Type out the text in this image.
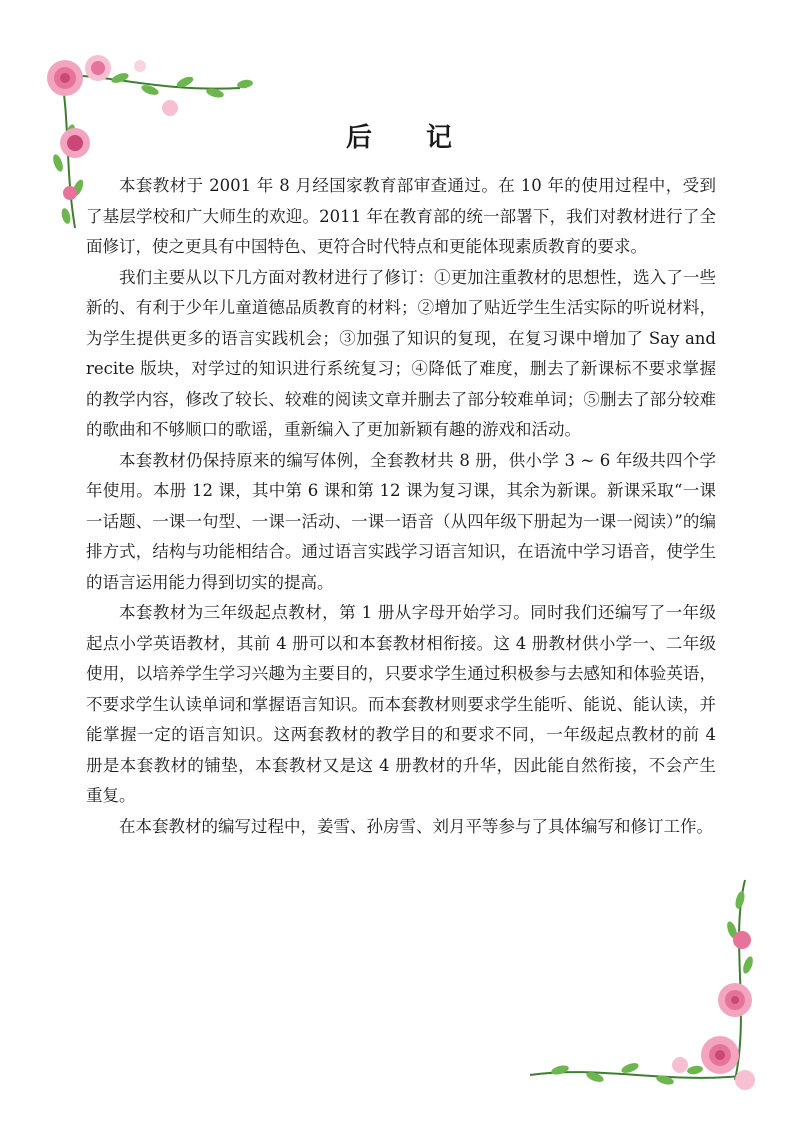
后 记

本套教材于 2001 年 8 月经国家教育部审查通过。在 10 年的使用过程中，受到了基层学校和广大师生的欢迎。2011 年在教育部的统一部署下，我们对教材进行了全面修订，使之更具有中国特色、更符合时代特点和更能体现素质教育的要求。

我们主要从以下几方面对教材进行了修订：①更加注重教材的思想性，选入了一些新的、有利于少年儿童道德品质教育的材料；②增加了贴近学生生活实际的听说材料，为学生提供更多的语言实践机会；③加强了知识的复现，在复习课中增加了 Say and recite 版块，对学过的知识进行系统复习；④降低了难度，删去了新课标不要求掌握的教学内容，修改了较长、较难的阅读文章并删去了部分较难单词；⑤删去了部分较难的歌曲和不够顺口的歌谣，重新编入了更加新颖有趣的游戏和活动。

本套教材仍保持原来的编写体例，全套教材共 8 册，供小学 3 ~ 6 年级共四个学年使用。本册 12 课，其中第 6 课和第 12 课为复习课，其余为新课。新课采取“一课一话题、一课一句型、一课一活动、一课一语音（从四年级下册起为一课一阅读）”的编排方式，结构与功能相结合。通过语言实践学习语言知识，在语流中学习语音，使学生的语言运用能力得到切实的提高。

本套教材为三年级起点教材，第 1 册从字母开始学习。同时我们还编写了一年级起点小学英语教材，其前 4 册可以和本套教材相衔接。这 4 册教材供小学一、二年级使用，以培养学生学习兴趣为主要目的，只要求学生通过积极参与去感知和体验英语，不要求学生认读单词和掌握语言知识。而本套教材则要求学生能听、能说、能认读，并能掌握一定的语言知识。这两套教材的教学目的和要求不同，一年级起点教材的前 4 册是本套教材的铺垫，本套教材又是这 4 册教材的升华，因此能自然衔接，不会产生重复。

在本套教材的编写过程中，姜雪、孙房雪、刘月平等参与了具体编写和修订工作。
